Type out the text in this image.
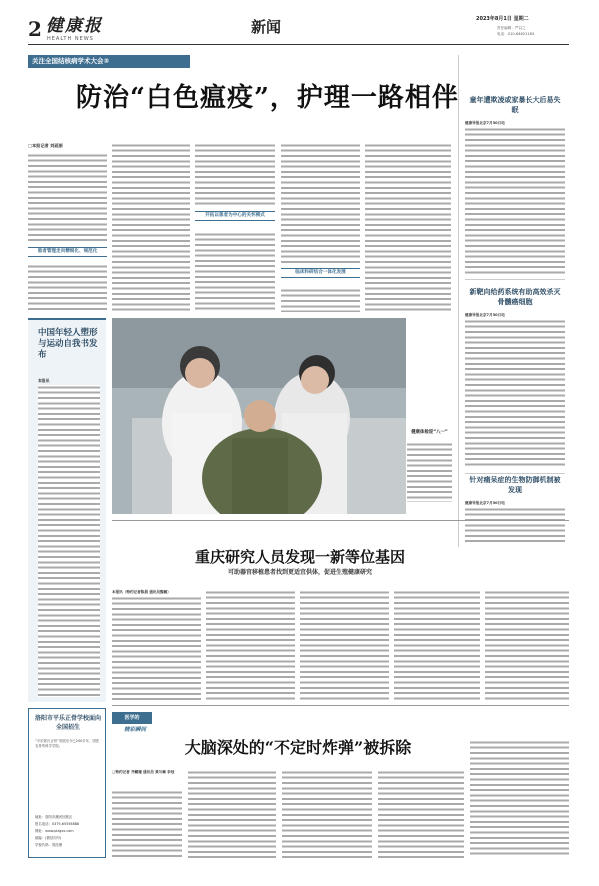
2 健康报
HEALTH NEWS
新闻	2023年8月1日 星期二
责任编辑：严以之
电话：010-64621183
关注全国结核病学术大会③
防治“白色瘟疫”，护理一路相伴
□本报记者 刘砥丽
患者管理走向精细化、规范化
开拓以患者为中心的关怀模式
临床科研结合一体化发展
中国年轻人塑形与运动自我书发布
本报讯
健康体检迎“八一”
童年遭欺凌或家暴长大后易失眠
健康导报北京7月30日电
新靶向给药系统有助高效杀灭骨髓癌细胞
健康导报北京7月30日电
针对痛呆症的生物防御机制被发现
健康导报北京7月30日电
重庆研究人员发现一新等位基因
可助器官移植患者找到更适宜供体，促进生殖健康研究
本报讯（特约记者陈晨 通讯员魏蔺）
洛阳市平乐正骨学校面向全国招生
“平乐郭氏正骨”发展至今已200多年，国医名骨伤科学学院。
地址：洛阳市瀍河回族区
报名电话：0379-65556888
网址：www.plzgxx.com
邮编：(微信同号)
学校代码：郭经理
医学的
精彩瞬间
大脑深处的“不定时炸弹”被拆除
□特约记者 齐藏珊 通讯员 黄川琳 李冠
